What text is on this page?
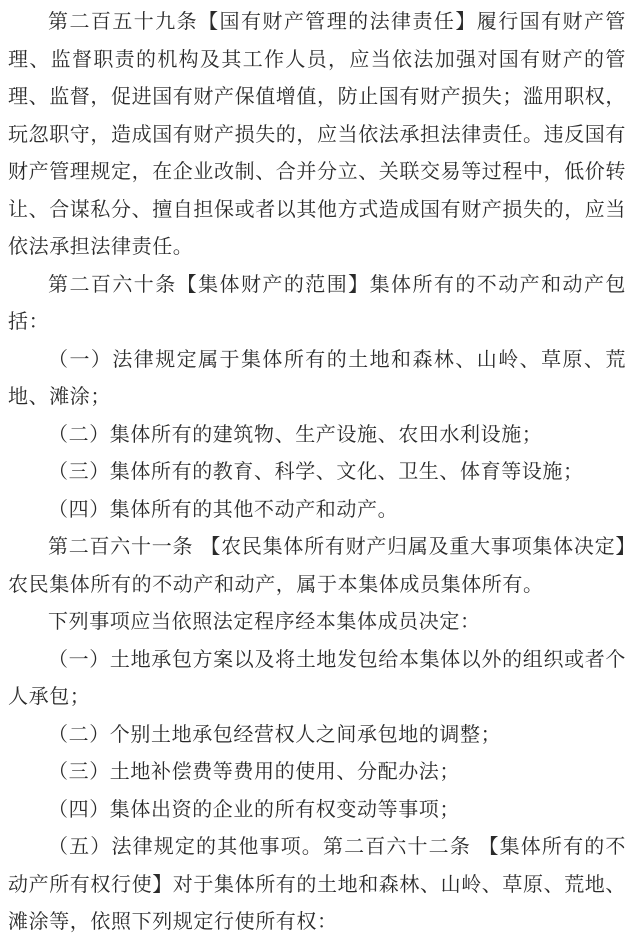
第二百五十九条【国有财产管理的法律责任】履行国有财产管理、监督职责的机构及其工作人员，应当依法加强对国有财产的管理、监督，促进国有财产保值增值，防止国有财产损失；滥用职权，玩忽职守，造成国有财产损失的，应当依法承担法律责任。违反国有财产管理规定，在企业改制、合并分立、关联交易等过程中，低价转让、合谋私分、擅自担保或者以其他方式造成国有财产损失的，应当依法承担法律责任。

第二百六十条【集体财产的范围】集体所有的不动产和动产包括：

（一）法律规定属于集体所有的土地和森林、山岭、草原、荒地、滩涂；

（二）集体所有的建筑物、生产设施、农田水利设施；

（三）集体所有的教育、科学、文化、卫生、体育等设施；

（四）集体所有的其他不动产和动产。

第二百六十一条 【农民集体所有财产归属及重大事项集体决定】农民集体所有的不动产和动产，属于本集体成员集体所有。

下列事项应当依照法定程序经本集体成员决定：

（一）土地承包方案以及将土地发包给本集体以外的组织或者个人承包；

（二）个别土地承包经营权人之间承包地的调整；

（三）土地补偿费等费用的使用、分配办法；

（四）集体出资的企业的所有权变动等事项；

（五）法律规定的其他事项。第二百六十二条 【集体所有的不动产所有权行使】对于集体所有的土地和森林、山岭、草原、荒地、滩涂等，依照下列规定行使所有权：
